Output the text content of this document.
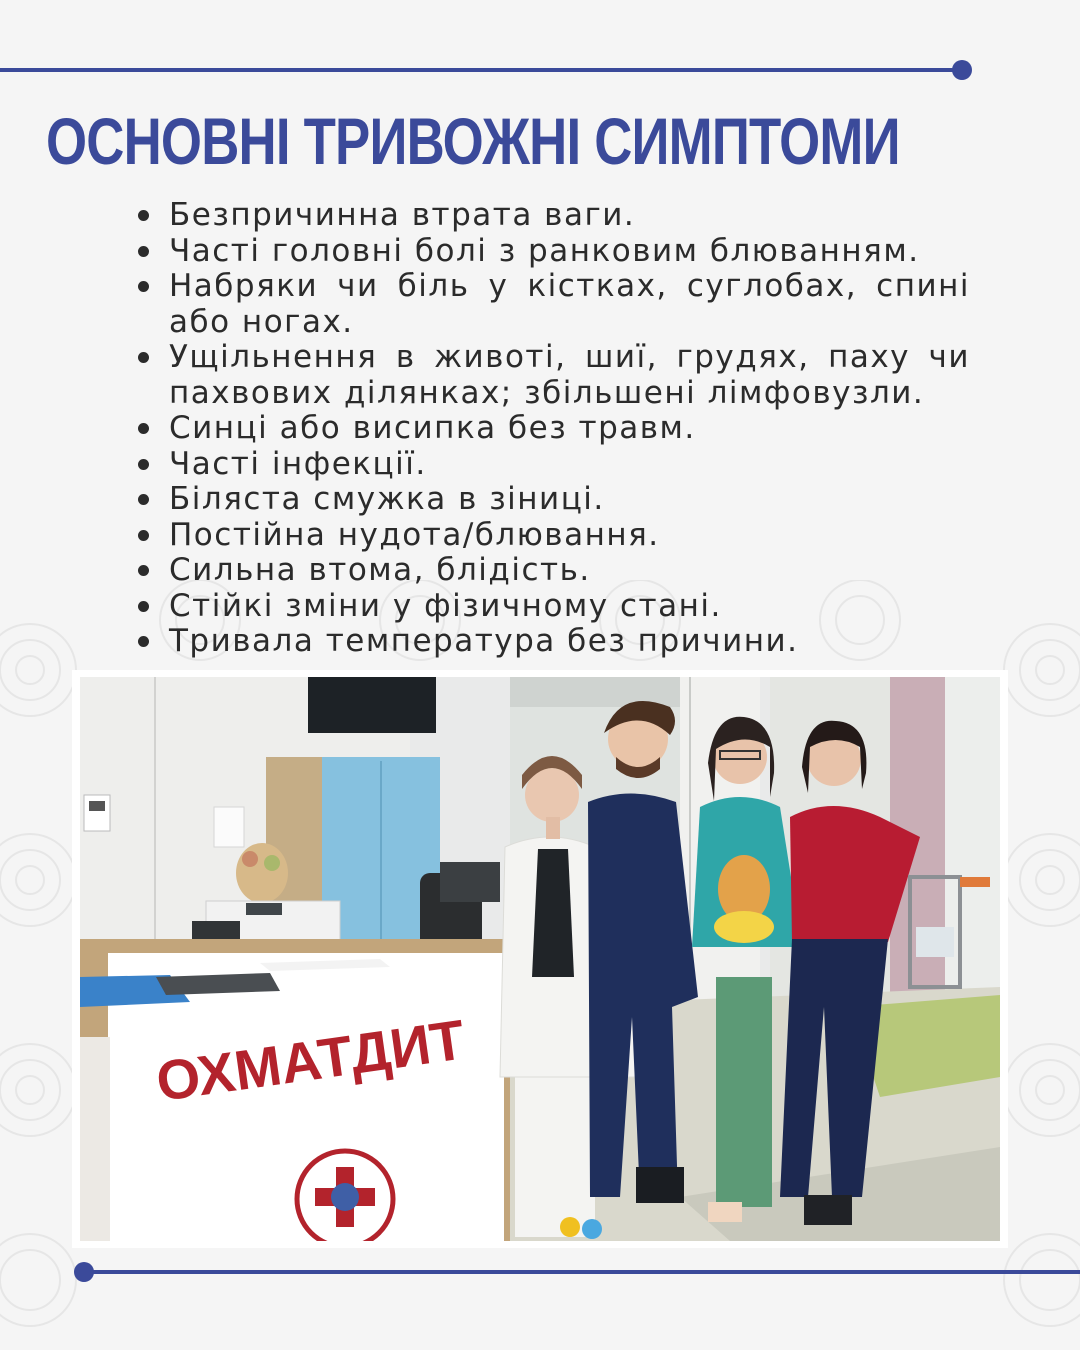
ОСНОВНІ ТРИВОЖНІ СИМПТОМИ
Безпричинна втрата ваги.
Часті головні болі з ранковим блюванням.
Набряки чи біль у кістках, суглобах, спині або ногах.
Ущільнення в животі, шиї, грудях, паху чи пахвових ділянках; збільшені лімфовузли.
Синці або висипка без травм.
Часті інфекції.
Біляста смужка в зіниці.
Постійна нудота/блювання.
Сильна втома, блідість.
Стійкі зміни у фізичному стані.
Тривала температура без причини.
ОХМАТДИТ
